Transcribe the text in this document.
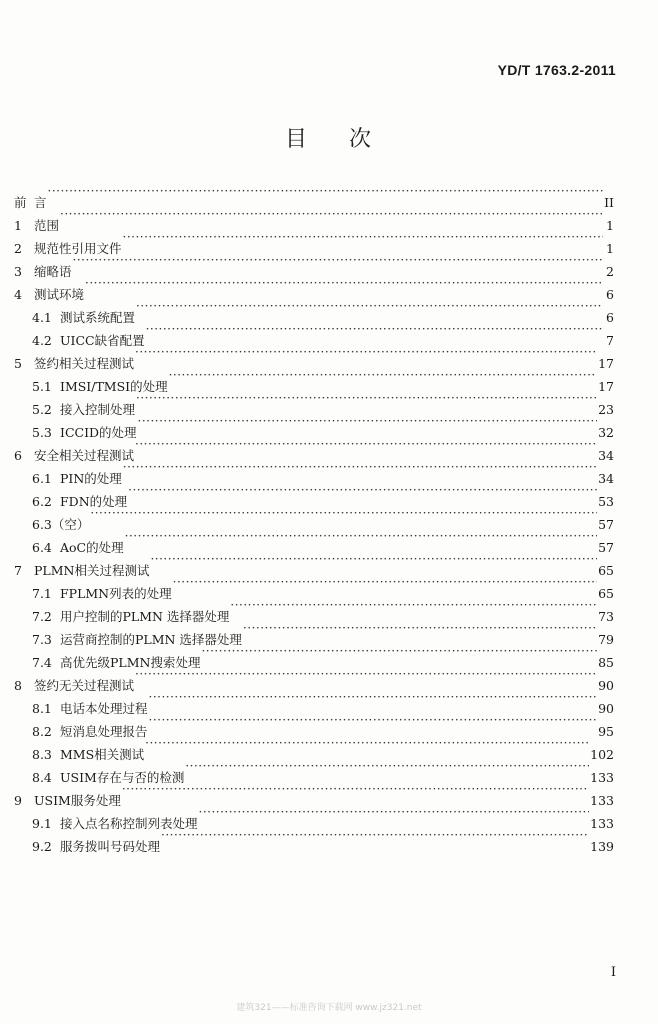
YD/T 1763.2-2011
目 次
前 言 ·····	II
1 范围 ·····	1
2 规范性引用文件 ·····	1
3 缩略语 ·····	2
4 测试环境 ·····	6
4.1 测试系统配置 ·····	6
4.2 UICC缺省配置 ·····	7
5 签约相关过程测试 ·····	17
5.1 IMSI/TMSI的处理 ·····	17
5.2 接入控制处理 ·····	23
5.3 ICCID的处理 ·····	32
6 安全相关过程测试 ·····	34
6.1 PIN的处理 ·····	34
6.2 FDN的处理 ·····	53
6.3（空） ·····	57
6.4 AoC的处理 ·····	57
7 PLMN相关过程测试 ·····	65
7.1 FPLMN列表的处理 ·····	65
7.2 用户控制的PLMN 选择器处理 ·····	73
7.3 运营商控制的PLMN 选择器处理 ·····	79
7.4 高优先级PLMN搜索处理 ·····	85
8 签约无关过程测试 ·····	90
8.1 电话本处理过程 ·····	90
8.2 短消息处理报告 ·····	95
8.3 MMS相关测试 ·····	102
8.4 USIM存在与否的检测 ·····	133
9 USIM服务处理 ·····	133
9.1 接入点名称控制列表处理 ·····	133
9.2 服务拨叫号码处理 ·····	139
I
建筑321——标准咨询下载网 www.jz321.net
